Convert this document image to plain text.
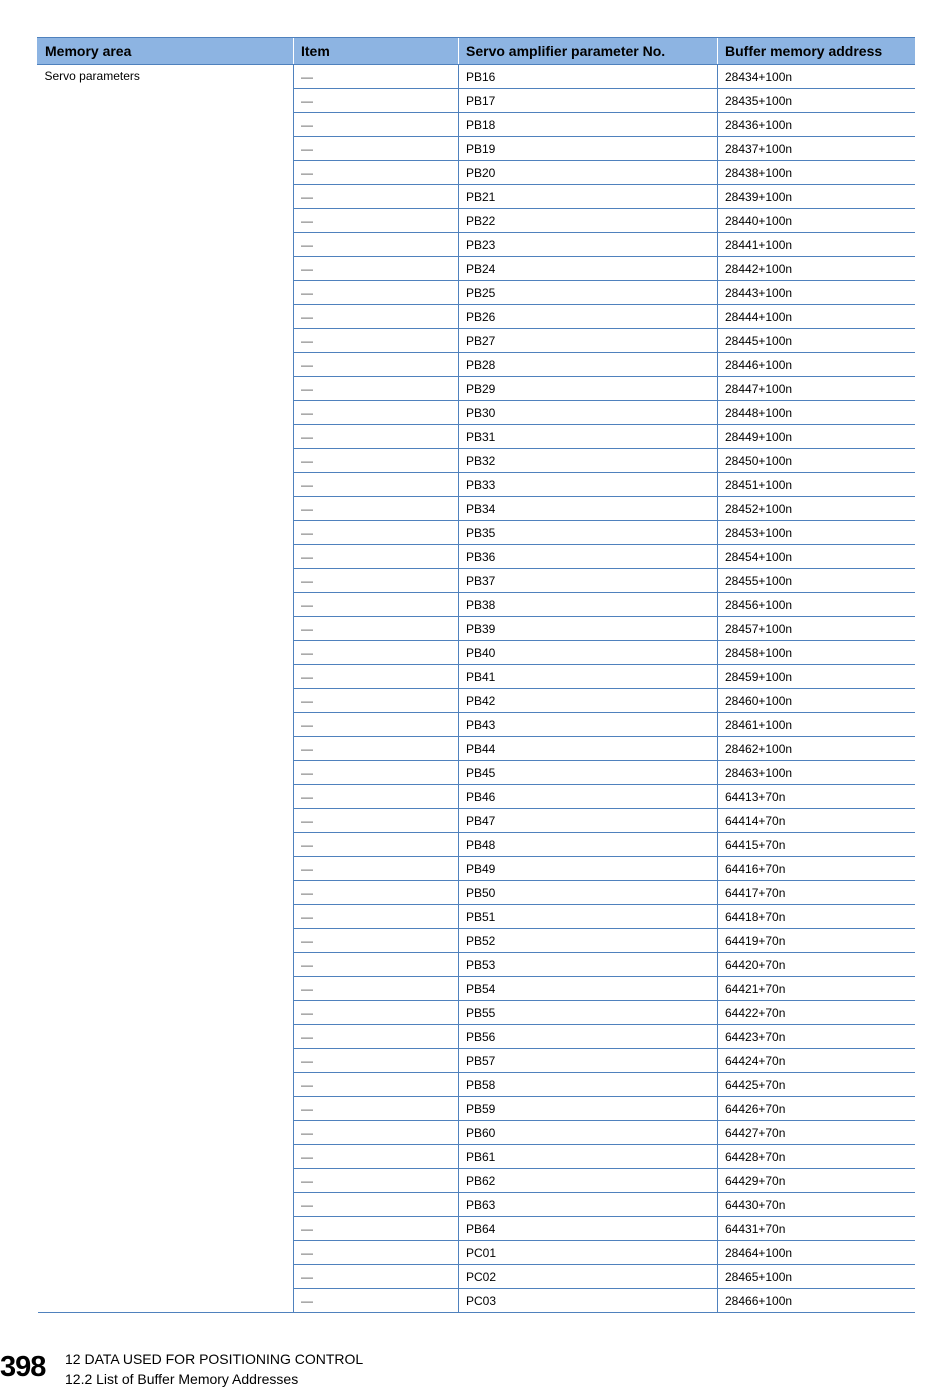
Memory area	Item	Servo amplifier parameter No.	Buffer memory address
Servo parameters	—	PB16	28434+100n
	—	PB17	28435+100n
	—	PB18	28436+100n
	—	PB19	28437+100n
	—	PB20	28438+100n
	—	PB21	28439+100n
	—	PB22	28440+100n
	—	PB23	28441+100n
	—	PB24	28442+100n
	—	PB25	28443+100n
	—	PB26	28444+100n
	—	PB27	28445+100n
	—	PB28	28446+100n
	—	PB29	28447+100n
	—	PB30	28448+100n
	—	PB31	28449+100n
	—	PB32	28450+100n
	—	PB33	28451+100n
	—	PB34	28452+100n
	—	PB35	28453+100n
	—	PB36	28454+100n
	—	PB37	28455+100n
	—	PB38	28456+100n
	—	PB39	28457+100n
	—	PB40	28458+100n
	—	PB41	28459+100n
	—	PB42	28460+100n
	—	PB43	28461+100n
	—	PB44	28462+100n
	—	PB45	28463+100n
	—	PB46	64413+70n
	—	PB47	64414+70n
	—	PB48	64415+70n
	—	PB49	64416+70n
	—	PB50	64417+70n
	—	PB51	64418+70n
	—	PB52	64419+70n
	—	PB53	64420+70n
	—	PB54	64421+70n
	—	PB55	64422+70n
	—	PB56	64423+70n
	—	PB57	64424+70n
	—	PB58	64425+70n
	—	PB59	64426+70n
	—	PB60	64427+70n
	—	PB61	64428+70n
	—	PB62	64429+70n
	—	PB63	64430+70n
	—	PB64	64431+70n
	—	PC01	28464+100n
	—	PC02	28465+100n
	—	PC03	28466+100n
398 12 DATA USED FOR POSITIONING CONTROL
12.2 List of Buffer Memory Addresses
